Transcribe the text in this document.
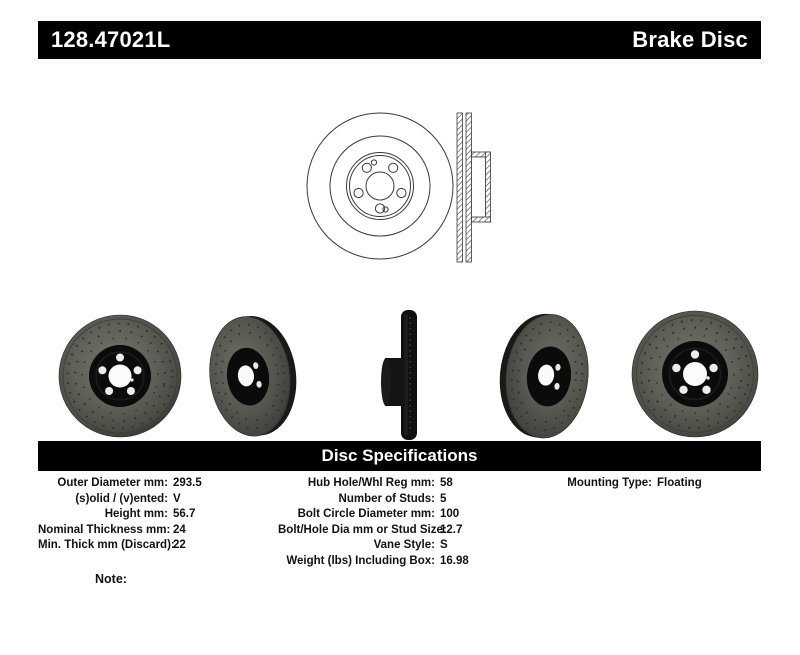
128.47021L	Brake Disc
Disc Specifications
Outer Diameter mm : 293.5
(s)olid / (v)ented : V
Height mm : 56.7
Nominal Thickness mm : 24
Min. Thick mm (Discard) : 22
Hub Hole/Whl Reg mm : 58
Number of Studs : 5
Bolt Circle Diameter mm : 100
Bolt/Hole Dia mm or Stud Size :
12.7
Vane Style : S
Weight (lbs) Including Box : 16.98
Mounting Type : Floating
Note:
